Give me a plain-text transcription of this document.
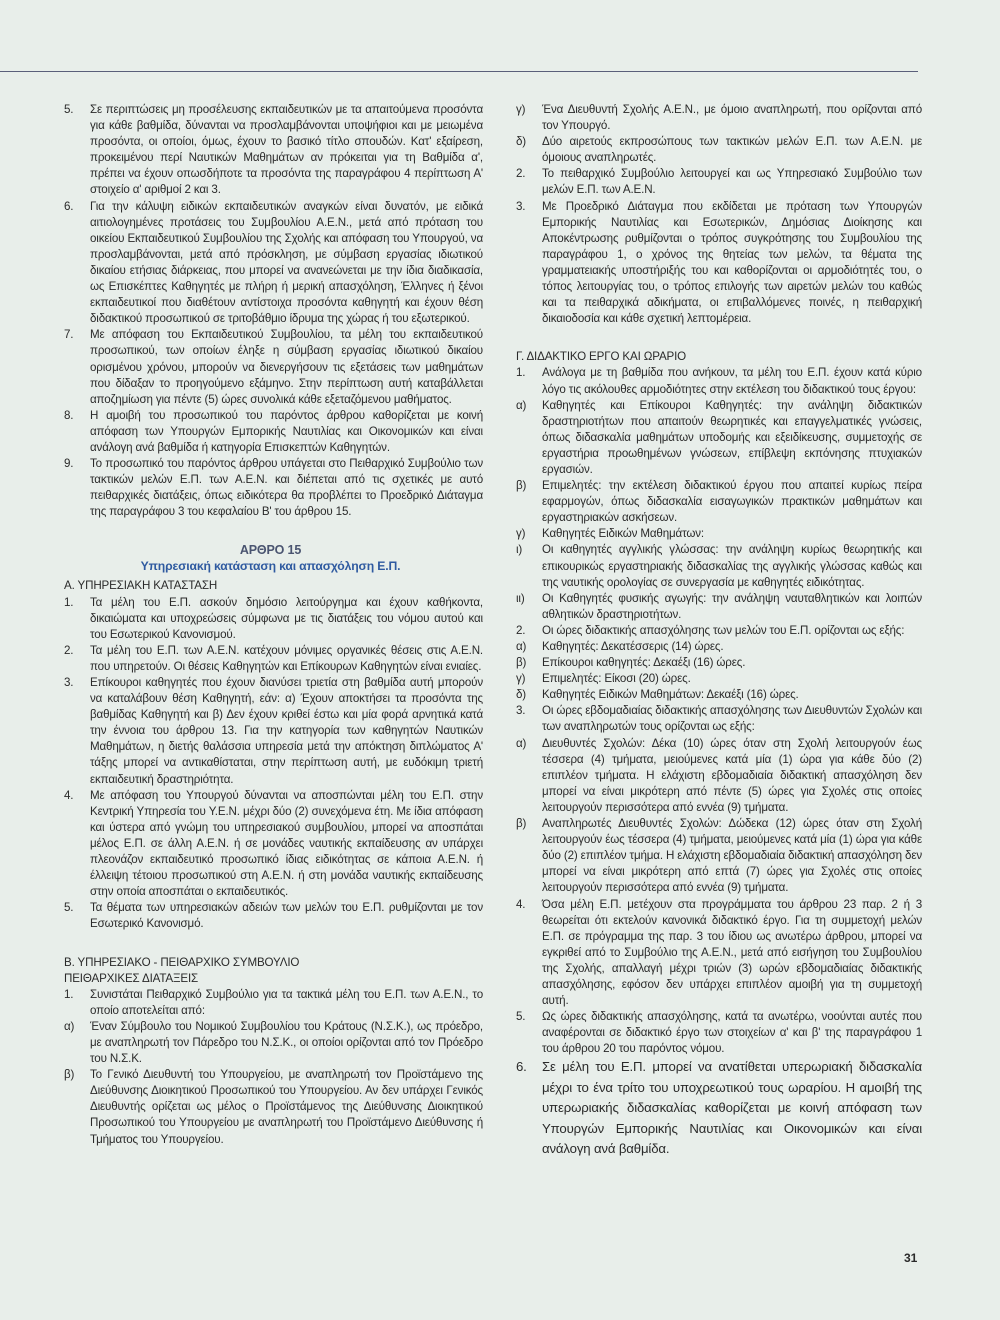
5. Σε περιπτώσεις μη προσέλευσης εκπαιδευτικών με τα απαιτούμενα προσόντα για κάθε βαθμίδα, δύνανται να προσλαμβάνονται υποψήφιοι και με μειωμένα προσόντα, οι οποίοι, όμως, έχουν το βασικό τίτλο σπουδών. Κατ' εξαίρεση, προκειμένου περί Ναυτικών Μαθημάτων αν πρόκειται για τη Βαθμίδα α', πρέπει να έχουν οπωσδήποτε τα προσόντα της παραγράφου 4 περίπτωση Α' στοιχείο α' αριθμοί 2 και 3.

6. Για την κάλυψη ειδικών εκπαιδευτικών αναγκών είναι δυνατόν, με ειδικά αιτιολογημένες προτάσεις του Συμβουλίου Α.Ε.Ν., μετά από πρόταση του οικείου Εκπαιδευτικού Συμβουλίου της Σχολής και απόφαση του Υπουργού, να προσλαμβάνονται, μετά από πρόσκληση, με σύμβαση εργασίας ιδιωτικού δικαίου ετήσιας διάρκειας, που μπορεί να ανανεώνεται με την ίδια διαδικασία, ως Επισκέπτες Καθηγητές με πλήρη ή μερική απασχόληση, Έλληνες ή ξένοι εκπαιδευτικοί που διαθέτουν αντίστοιχα προσόντα καθηγητή και έχουν θέση διδακτικού προσωπικού σε τριτοβάθμιο ίδρυμα της χώρας ή του εξωτερικού.

7. Με απόφαση του Εκπαιδευτικού Συμβουλίου, τα μέλη του εκπαιδευτικού προσωπικού, των οποίων έληξε η σύμβαση εργασίας ιδιωτικού δικαίου ορισμένου χρόνου, μπορούν να διενεργήσουν τις εξετάσεις των μαθημάτων που δίδαξαν το προηγούμενο εξάμηνο. Στην περίπτωση αυτή καταβάλλεται αποζημίωση για πέντε (5) ώρες συνολικά κάθε εξεταζόμενου μαθήματος.

8. Η αμοιβή του προσωπικού του παρόντος άρθρου καθορίζεται με κοινή απόφαση των Υπουργών Εμπορικής Ναυτιλίας και Οικονομικών και είναι ανάλογη ανά βαθμίδα ή κατηγορία Επισκεπτών Καθηγητών.

9. Το προσωπικό του παρόντος άρθρου υπάγεται στο Πειθαρχικό Συμβούλιο των τακτικών μελών Ε.Π. των Α.Ε.Ν. και διέπεται από τις σχετικές με αυτό πειθαρχικές διατάξεις, όπως ειδικότερα θα προβλέπει το Προεδρικό Διάταγμα της παραγράφου 3 του κεφαλαίου Β' του άρθρου 15.

ΑΡΘΡΟ 15

Υπηρεσιακή κατάσταση και απασχόληση Ε.Π.

Α. ΥΠΗΡΕΣΙΑΚΗ ΚΑΤΑΣΤΑΣΗ

1. Τα μέλη του Ε.Π. ασκούν δημόσιο λειτούργημα και έχουν καθήκοντα, δικαιώματα και υποχρεώσεις σύμφωνα με τις διατάξεις του νόμου αυτού και του Εσωτερικού Κανονισμού.

2. Τα μέλη του Ε.Π. των Α.Ε.Ν. κατέχουν μόνιμες οργανικές θέσεις στις Α.Ε.Ν. που υπηρετούν. Οι θέσεις Καθηγητών και Επίκουρων Καθηγητών είναι ενιαίες.

3. Επίκουροι καθηγητές που έχουν διανύσει τριετία στη βαθμίδα αυτή μπορούν να καταλάβουν θέση Καθηγητή, εάν: α) Έχουν αποκτήσει τα προσόντα της βαθμίδας Καθηγητή και β) Δεν έχουν κριθεί έστω και μία φορά αρνητικά κατά την έννοια του άρθρου 13. Για την κατηγορία των καθηγητών Ναυτικών Μαθημάτων, η διετής θαλάσσια υπηρεσία μετά την απόκτηση διπλώματος Α' τάξης μπορεί να αντικαθίσταται, στην περίπτωση αυτή, με ευδόκιμη τριετή εκπαιδευτική δραστηριότητα.

4. Με απόφαση του Υπουργού δύνανται να αποσπώνται μέλη του Ε.Π. στην Κεντρική Υπηρεσία του Υ.Ε.Ν. μέχρι δύο (2) συνεχόμενα έτη. Με ίδια απόφαση και ύστερα από γνώμη του υπηρεσιακού συμβουλίου, μπορεί να αποσπάται μέλος Ε.Π. σε άλλη Α.Ε.Ν. ή σε μονάδες ναυτικής εκπαίδευσης αν υπάρχει πλεονάζον εκπαιδευτικό προσωπικό ίδιας ειδικότητας σε κάποια Α.Ε.Ν. ή έλλειψη τέτοιου προσωπικού στη Α.Ε.Ν. ή στη μονάδα ναυτικής εκπαίδευσης στην οποία αποσπάται ο εκπαιδευτικός.

5. Τα θέματα των υπηρεσιακών αδειών των μελών του Ε.Π. ρυθμίζονται με τον Εσωτερικό Κανονισμό.

Β. ΥΠΗΡΕΣΙΑΚΟ - ΠΕΙΘΑΡΧΙΚΟ ΣΥΜΒΟΥΛΙΟ

ΠΕΙΘΑΡΧΙΚΕΣ ΔΙΑΤΑΞΕΙΣ

1. Συνιστάται Πειθαρχικό Συμβούλιο για τα τακτικά μέλη του Ε.Π. των Α.Ε.Ν., το οποίο αποτελείται από:

α) Έναν Σύμβουλο του Νομικού Συμβουλίου του Κράτους (Ν.Σ.Κ.), ως πρόεδρο, με αναπληρωτή τον Πάρεδρο του Ν.Σ.Κ., οι οποίοι ορίζονται από τον Πρόεδρο του Ν.Σ.Κ.

β) Το Γενικό Διευθυντή του Υπουργείου, με αναπληρωτή τον Προϊστάμενο της Διεύθυνσης Διοικητικού Προσωπικού του Υπουργείου. Αν δεν υπάρχει Γενικός Διευθυντής ορίζεται ως μέλος ο Προϊστάμενος της Διεύθυνσης Διοικητικού Προσωπικού του Υπουργείου με αναπληρωτή του Προϊστάμενο Διεύθυνσης ή Τμήματος του Υπουργείου.

γ) Ένα Διευθυντή Σχολής Α.Ε.Ν., με όμοιο αναπληρωτή, που ορίζονται από τον Υπουργό.

δ) Δύο αιρετούς εκπροσώπους των τακτικών μελών Ε.Π. των Α.Ε.Ν. με όμοιους αναπληρωτές.

2. Το πειθαρχικό Συμβούλιο λειτουργεί και ως Υπηρεσιακό Συμβούλιο των μελών Ε.Π. των Α.Ε.Ν.

3. Με Προεδρικό Διάταγμα που εκδίδεται με πρόταση των Υπουργών Εμπορικής Ναυτιλίας και Εσωτερικών, Δημόσιας Διοίκησης και Αποκέντρωσης ρυθμίζονται ο τρόπος συγκρότησης του Συμβουλίου της παραγράφου 1, ο χρόνος της θητείας των μελών, τα θέματα της γραμματειακής υποστήριξής του και καθορίζονται οι αρμοδιότητές του, ο τόπος λειτουργίας του, ο τρόπος επιλογής των αιρετών μελών του καθώς και τα πειθαρχικά αδικήματα, οι επιβαλλόμενες ποινές, η πειθαρχική δικαιοδοσία και κάθε σχετική λεπτομέρεια.

Γ. ΔΙΔΑΚΤΙΚΟ ΕΡΓΟ ΚΑΙ ΩΡΑΡΙΟ

1. Ανάλογα με τη βαθμίδα που ανήκουν, τα μέλη του Ε.Π. έχουν κατά κύριο λόγο τις ακόλουθες αρμοδιότητες στην εκτέλεση του διδακτικού τους έργου:

α) Καθηγητές και Επίκουροι Καθηγητές: την ανάληψη διδακτικών δραστηριοτήτων που απαιτούν θεωρητικές και επαγγελματικές γνώσεις, όπως διδασκαλία μαθημάτων υποδομής και εξειδίκευσης, συμμετοχής σε εργαστήρια προωθημένων γνώσεων, επίβλεψη εκπόνησης πτυχιακών εργασιών.

β) Επιμελητές: την εκτέλεση διδακτικού έργου που απαιτεί κυρίως πείρα εφαρμογών, όπως διδασκαλία εισαγωγικών πρακτικών μαθημάτων και εργαστηριακών ασκήσεων.

γ) Καθηγητές Ειδικών Μαθημάτων:

ι) Οι καθηγητές αγγλικής γλώσσας: την ανάληψη κυρίως θεωρητικής και επικουρικώς εργαστηριακής διδασκαλίας της αγγλικής γλώσσας καθώς και της ναυτικής ορολογίας σε συνεργασία με καθηγητές ειδικότητας.

ιι) Οι Καθηγητές φυσικής αγωγής: την ανάληψη ναυταθλητικών και λοιπών αθλητικών δραστηριοτήτων.

2. Οι ώρες διδακτικής απασχόλησης των μελών του Ε.Π. ορίζονται ως εξής:

α) Καθηγητές: Δεκατέσσερις (14) ώρες.

β) Επίκουροι καθηγητές: Δεκαέξι (16) ώρες.

γ) Επιμελητές: Είκοσι (20) ώρες.

δ) Καθηγητές Ειδικών Μαθημάτων: Δεκαέξι (16) ώρες.

3. Οι ώρες εβδομαδιαίας διδακτικής απασχόλησης των Διευθυντών Σχολών και των αναπληρωτών τους ορίζονται ως εξής:

α) Διευθυντές Σχολών: Δέκα (10) ώρες όταν στη Σχολή λειτουργούν έως τέσσερα (4) τμήματα, μειούμενες κατά μία (1) ώρα για κάθε δύο (2) επιπλέον τμήματα. Η ελάχιστη εβδομαδιαία διδακτική απασχόληση δεν μπορεί να είναι μικρότερη από πέντε (5) ώρες για Σχολές στις οποίες λειτουργούν περισσότερα από εννέα (9) τμήματα.

β) Αναπληρωτές Διευθυντές Σχολών: Δώδεκα (12) ώρες όταν στη Σχολή λειτουργούν έως τέσσερα (4) τμήματα, μειούμενες κατά μία (1) ώρα για κάθε δύο (2) επιπλέον τμήμα. Η ελάχιστη εβδομαδιαία διδακτική απασχόληση δεν μπορεί να είναι μικρότερη από επτά (7) ώρες για Σχολές στις οποίες λειτουργούν περισσότερα από εννέα (9) τμήματα.

4. Όσα μέλη Ε.Π. μετέχουν στα προγράμματα του άρθρου 23 παρ. 2 ή 3 θεωρείται ότι εκτελούν κανονικά διδακτικό έργο. Για τη συμμετοχή μελών Ε.Π. σε πρόγραμμα της παρ. 3 του ίδιου ως ανωτέρω άρθρου, μπορεί να εγκριθεί από το Συμβούλιο της Α.Ε.Ν., μετά από εισήγηση του Συμβουλίου της Σχολής, απαλλαγή μέχρι τριών (3) ωρών εβδομαδιαίας διδακτικής απασχόλησης, εφόσον δεν υπάρχει επιπλέον αμοιβή για τη συμμετοχή αυτή.

5. Ως ώρες διδακτικής απασχόλησης, κατά τα ανωτέρω, νοούνται αυτές που αναφέρονται σε διδακτικό έργο των στοιχείων α' και β' της παραγράφου 1 του άρθρου 20 του παρόντος νόμου.

6. Σε μέλη του Ε.Π. μπορεί να ανατίθεται υπερωριακή διδασκαλία μέχρι το ένα τρίτο του υποχρεωτικού τους ωραρίου. Η αμοιβή της υπερωριακής διδασκαλίας καθορίζεται με κοινή απόφαση των Υπουργών Εμπορικής Ναυτιλίας και Οικονομικών και είναι ανάλογη ανά βαθμίδα.

31
